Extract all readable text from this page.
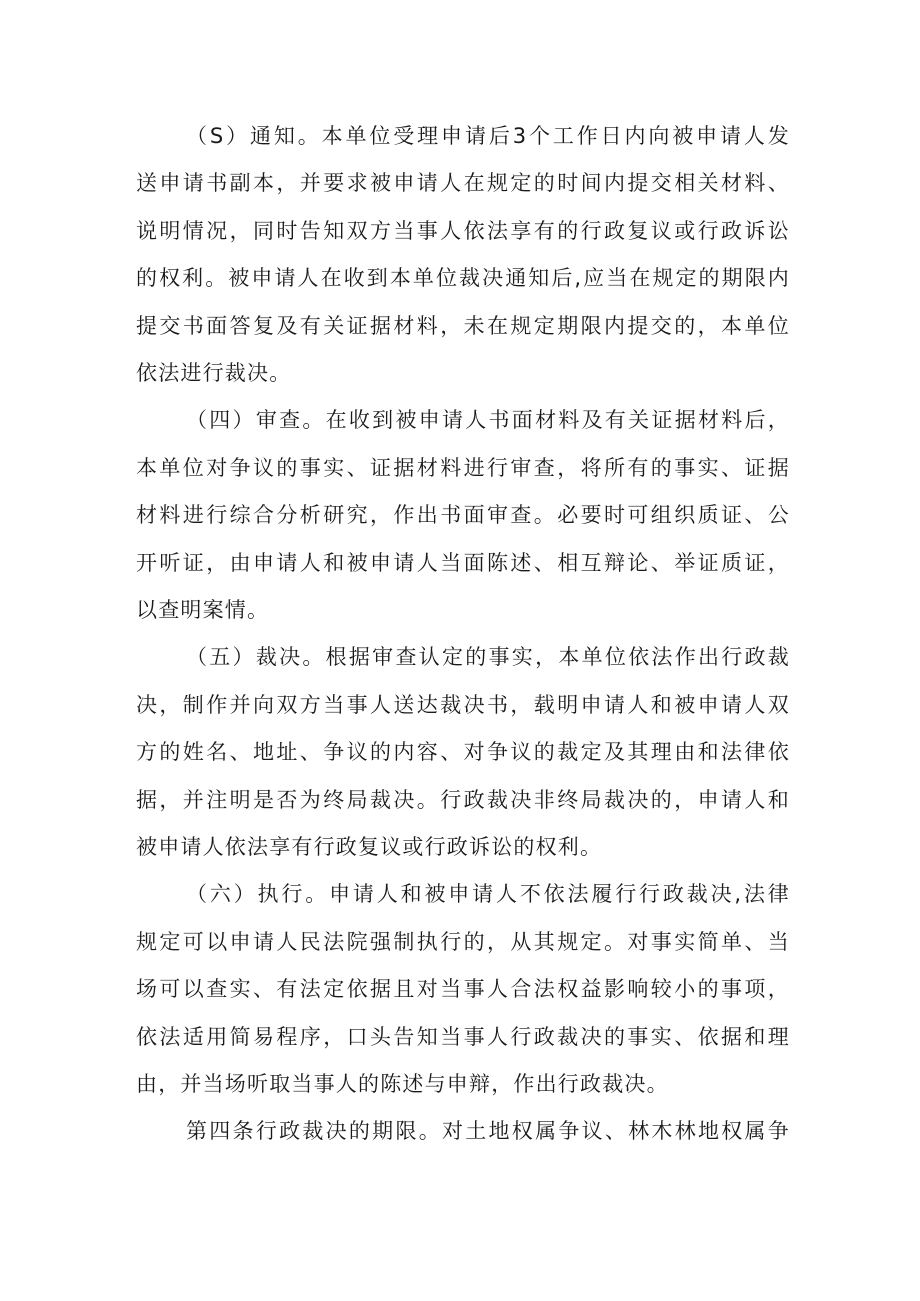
（S）通知。本单位受理申请后3个工作日内向被申请人发
送申请书副本，并要求被申请人在规定的时间内提交相关材料、
说明情况，同时告知双方当事人依法享有的行政复议或行政诉讼
的权利。被申请人在收到本单位裁决通知后,应当在规定的期限内
提交书面答复及有关证据材料，未在规定期限内提交的，本单位
依法进行裁决。
（四）审查。在收到被申请人书面材料及有关证据材料后，
本单位对争议的事实、证据材料进行审查，将所有的事实、证据
材料进行综合分析研究，作出书面审查。必要时可组织质证、公
开听证，由申请人和被申请人当面陈述、相互辩论、举证质证，
以查明案情。
（五）裁决。根据审查认定的事实，本单位依法作出行政裁
决，制作并向双方当事人送达裁决书，载明申请人和被申请人双
方的姓名、地址、争议的内容、对争议的裁定及其理由和法律依
据，并注明是否为终局裁决。行政裁决非终局裁决的，申请人和
被申请人依法享有行政复议或行政诉讼的权利。
（六）执行。申请人和被申请人不依法履行行政裁决,法律
规定可以申请人民法院强制执行的，从其规定。对事实简单、当
场可以查实、有法定依据且对当事人合法权益影响较小的事项，
依法适用简易程序，口头告知当事人行政裁决的事实、依据和理
由，并当场听取当事人的陈述与申辩，作出行政裁决。
第四条行政裁决的期限。对土地权属争议、林木林地权属争
